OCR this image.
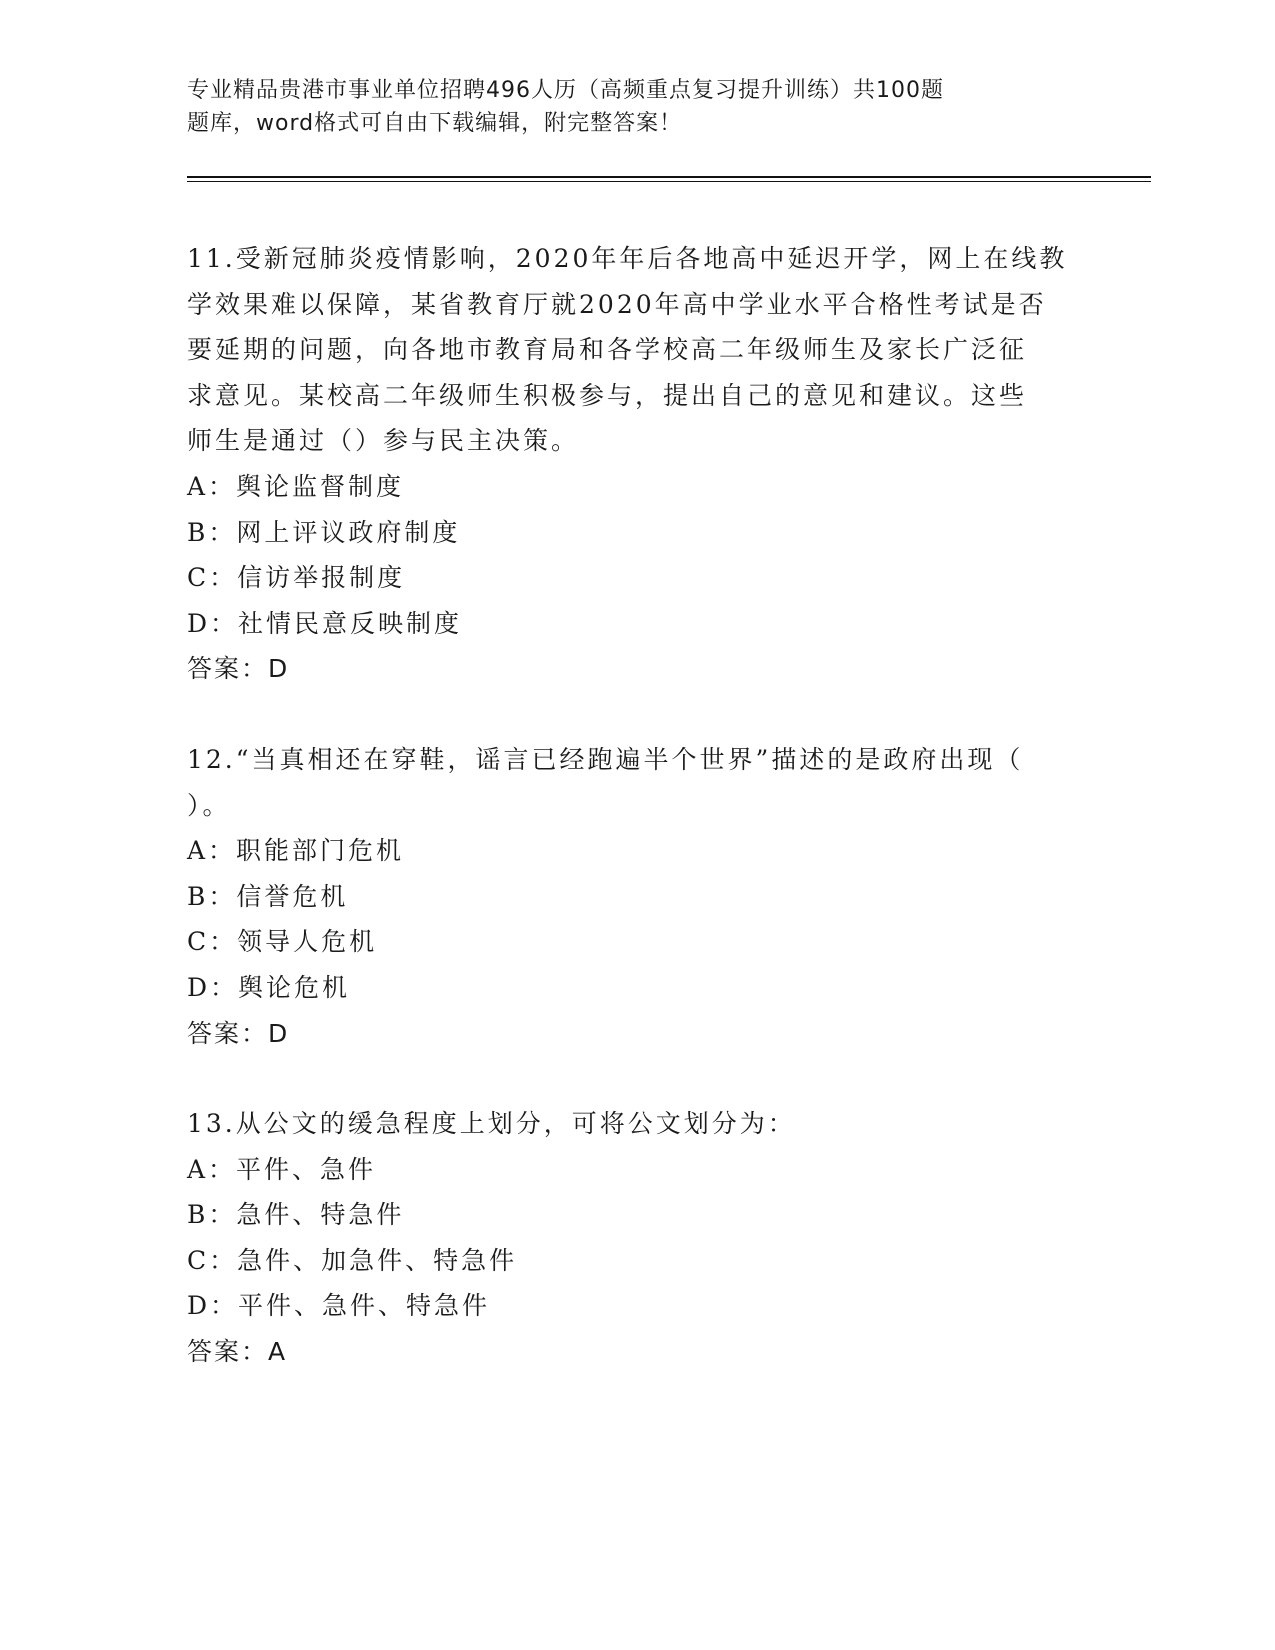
专业精品贵港市事业单位招聘496人历（高频重点复习提升训练）共100题
题库，word格式可自由下载编辑，附完整答案！
11.受新冠肺炎疫情影响，2020年年后各地高中延迟开学，网上在线教
学效果难以保障，某省教育厅就2020年高中学业水平合格性考试是否
要延期的问题，向各地市教育局和各学校高二年级师生及家长广泛征
求意见。某校高二年级师生积极参与，提出自己的意见和建议。这些
师生是通过（）参与民主决策。
A：舆论监督制度
B：网上评议政府制度
C：信访举报制度
D：社情民意反映制度
答案：D
12.“当真相还在穿鞋，谣言已经跑遍半个世界”描述的是政府出现（
）。
A：职能部门危机
B：信誉危机
C：领导人危机
D：舆论危机
答案：D
13.从公文的缓急程度上划分，可将公文划分为：
A：平件、急件
B：急件、特急件
C：急件、加急件、特急件
D：平件、急件、特急件
答案：A
